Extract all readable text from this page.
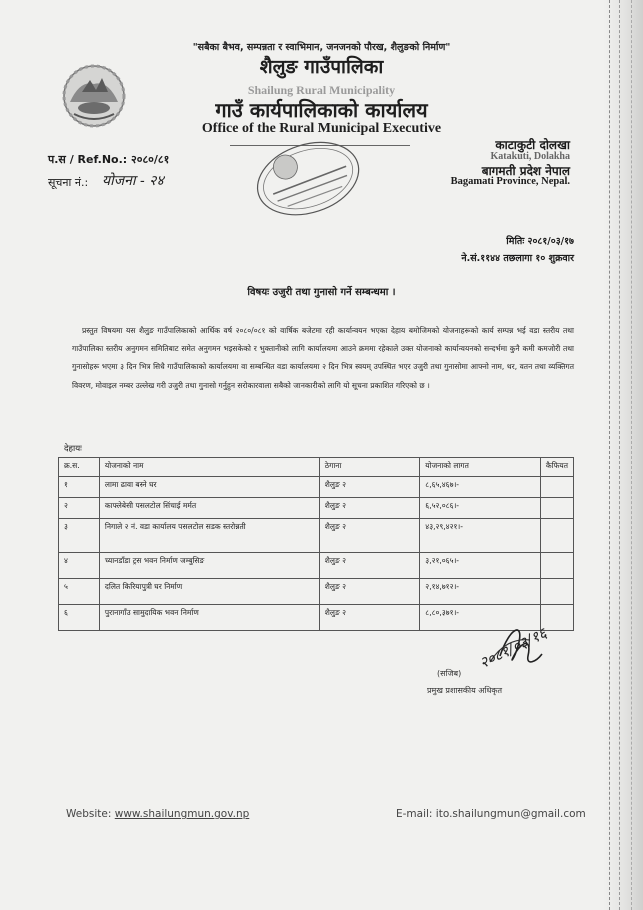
"सबैका बैभव, सम्पन्नता र स्वाभिमान, जनजनको पौरख, शैलुङको निर्माण"
शैलुङ गाउँपालिका
Shailung Rural Municipality
गाउँ कार्यपालिकाको कार्यालय
Office of the Rural Municipal Executive
प.स / Ref.No.: २०८०/८१
सूचना नं.: योजना - २४
काटाकुटी दोलखा
Katakuti, Dolakha
बागमती प्रदेश नेपाल
Bagamati Province, Nepal.
मितिः २०८१/०३/१७
ने.सं.११४४ तछलागा १० शुक्रवार
विषयः उजुरी तथा गुनासो गर्ने सम्बन्धमा ।
प्रस्तुत विषयमा यस शैलुङ गाउँपालिकाको आर्थिक वर्ष २०८०/०८१ को वार्षिक बजेटमा रही कार्यान्वयन भएका देहाय बमोजिमको योजनाहरूको कार्य सम्पन्न भई वडा स्तरीय तथा गाउँपालिका स्तरीय अनुगमन समितिबाट समेत अनुगमन भइसकेको र भुक्तानीको लागि कार्यालयमा आउने क्रममा रहेकाले उक्त योजनाको कार्यान्वयनको सन्दर्भमा कुनै कमी कमजोरी तथा गुनासोहरू भएमा ३ दिन भित्र सिधै गाउँपालिकाको कार्यालयमा वा सम्बन्धित वडा कार्यालयमा २ दिन भित्र स्वयम् उपस्थित भएर उजुरी तथा गुनासोमा आफ्नो नाम, थर, वतन तथा व्यक्तिगत विवरण, मोवाइल नम्बर उल्लेख गरी उजुरी तथा गुनासो गर्नुहुन सरोकारवाला सबैको जानकारीको लागि यो सूचना प्रकाशित गरिएको छ ।
देहायः
क्र.स.	योजनाको नाम	ठेगाना	योजनाको लागत	कैफियत
१	लामा ढावा बस्ने घर	शैलुङ २	८,६५,४६७।-	
२	काफ्लेबेसी पसलटोल सिंचाई मर्मत	शैलुङ २	६,५२,०८६।-	
३	निगाले २ नं. वडा कार्यालय पसलटोल सडक स्तरोन्नती	शैलुङ २	४३,२९,४२१।-	
४	च्यानडाँडा ट्रस भवन निर्माण जम्बुसिङ	शैलुङ २	३,२१,०६५।-	
५	दलित किरियापुत्री घर निर्माण	शैलुङ २	२,१४,७१२।-	
६	पुरानागाँउ सामुदायिक भवन निर्माण	शैलुङ २	८,८०,३७१।-	
२०८१/०३/१६
(सजिब)
प्रमुख प्रशासकीय अधिकृत
Website: www.shailungmun.gov.np	E-mail: ito.shailungmun@gmail.com
